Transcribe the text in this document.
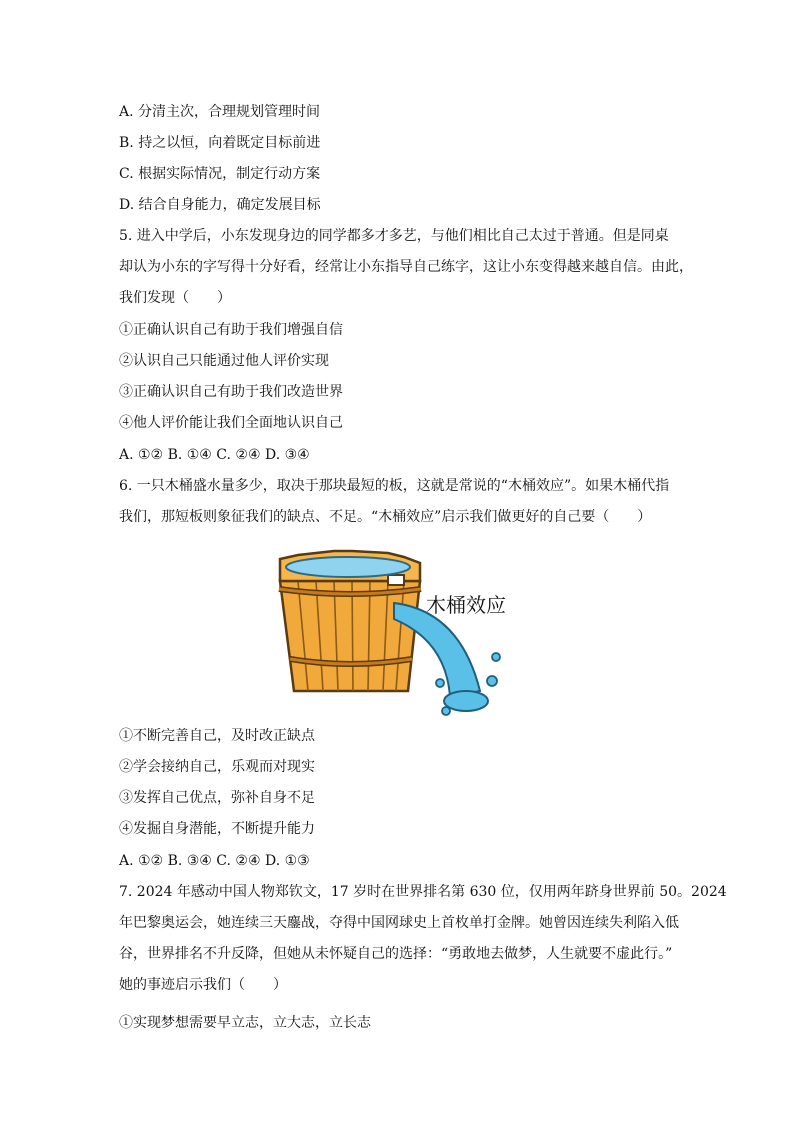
A. 分清主次，合理规划管理时间
B. 持之以恒，向着既定目标前进
C. 根据实际情况，制定行动方案
D. 结合自身能力，确定发展目标
5. 进入中学后，小东发现身边的同学都多才多艺，与他们相比自己太过于普通。但是同桌
却认为小东的字写得十分好看，经常让小东指导自己练字，这让小东变得越来越自信。由此，
我们发现（　　）
①正确认识自己有助于我们增强自信
②认识自己只能通过他人评价实现
③正确认识自己有助于我们改造世界
④他人评价能让我们全面地认识自己
A. ①② B. ①④ C. ②④ D. ③④
6. 一只木桶盛水量多少，取决于那块最短的板，这就是常说的“木桶效应”。如果木桶代指
我们，那短板则象征我们的缺点、不足。“木桶效应”启示我们做更好的自己要（　　）
木桶效应
①不断完善自己，及时改正缺点
②学会接纳自己，乐观而对现实
③发挥自己优点，弥补自身不足
④发掘自身潜能，不断提升能力
A. ①② B. ③④ C. ②④ D. ①③
7. 2024 年感动中国人物郑钦文，17 岁时在世界排名第 630 位，仅用两年跻身世界前 50。2024
年巴黎奥运会，她连续三天鏖战，夺得中国网球史上首枚单打金牌。她曾因连续失利陷入低
谷，世界排名不升反降，但她从未怀疑自己的选择：“勇敢地去做梦，人生就要不虚此行。”
她的事迹启示我们（　　）
①实现梦想需要早立志，立大志，立长志
